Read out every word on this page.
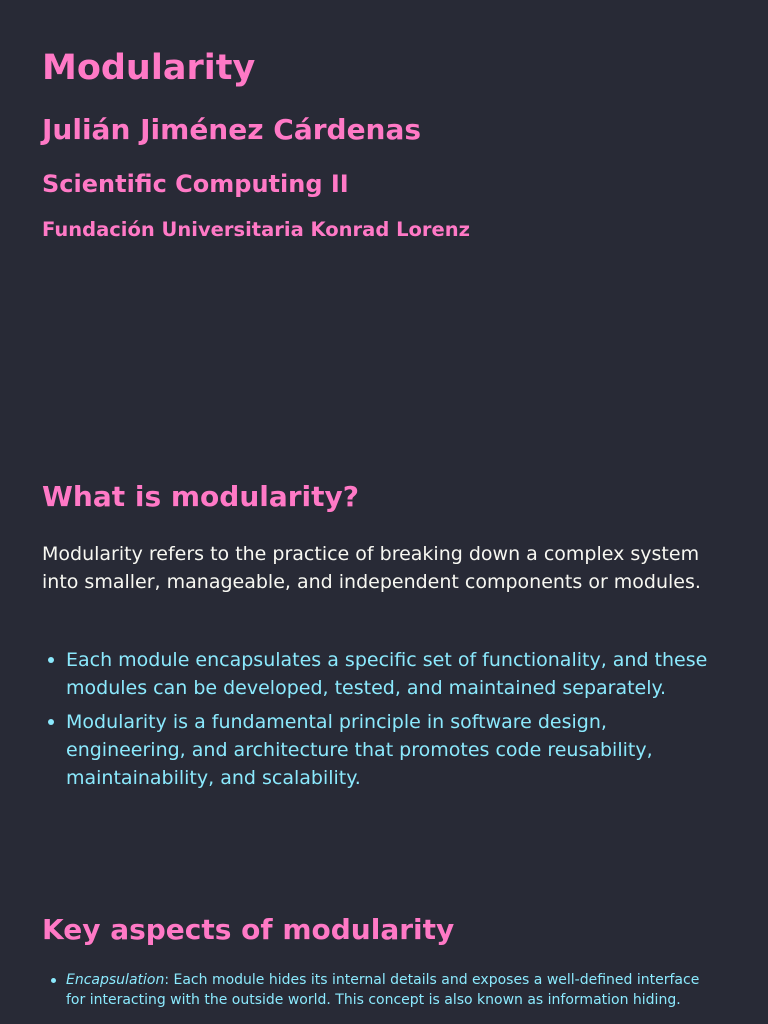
Modularity
Julián Jiménez Cárdenas
Scientific Computing II
Fundación Universitaria Konrad Lorenz
What is modularity?

Modularity refers to the practice of breaking down a complex system into smaller, manageable, and independent components or modules.

Each module encapsulates a specific set of functionality, and these modules can be developed, tested, and maintained separately.
Modularity is a fundamental principle in software design, engineering, and architecture that promotes code reusability, maintainability, and scalability.
Key aspects of modularity
Encapsulation: Each module hides its internal details and exposes a well-defined interface for interacting with the outside world. This concept is also known as information hiding.
